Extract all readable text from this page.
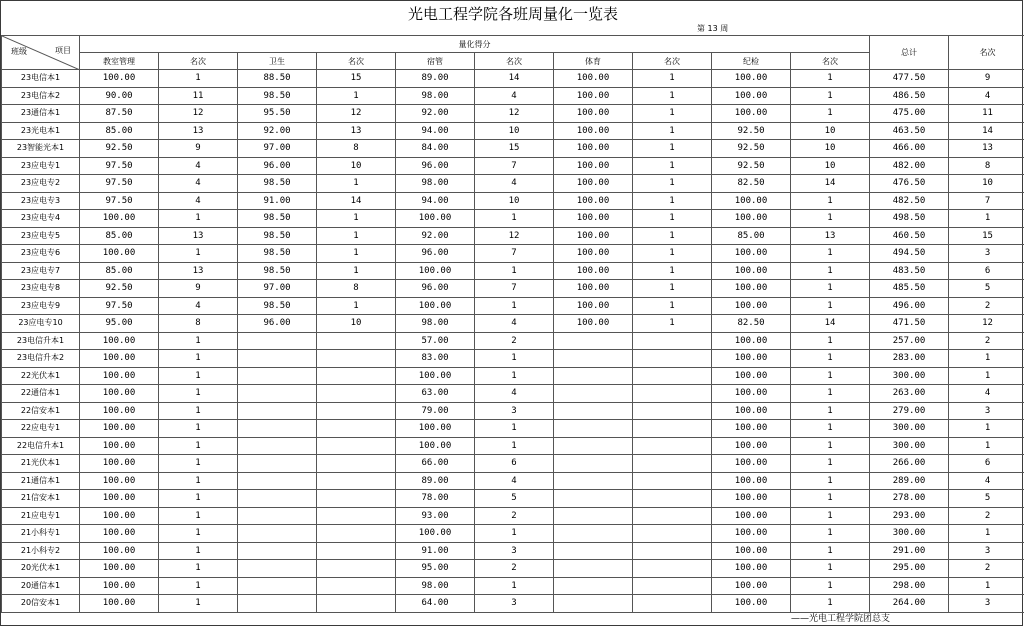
光电工程学院各班周量化一览表
第 13 周
项目
班级	量化得分										总计	名次
	教室管理	名次	卫生	名次	宿管	名次	体育	名次	纪检	名次		
23电信本1	100.00	1	88.50	15	89.00	14	100.00	1	100.00	1	477.50	9
23电信本2	90.00	11	98.50	1	98.00	4	100.00	1	100.00	1	486.50	4
23通信本1	87.50	12	95.50	12	92.00	12	100.00	1	100.00	1	475.00	11
23光电本1	85.00	13	92.00	13	94.00	10	100.00	1	92.50	10	463.50	14
23智能光本1	92.50	9	97.00	8	84.00	15	100.00	1	92.50	10	466.00	13
23应电专1	97.50	4	96.00	10	96.00	7	100.00	1	92.50	10	482.00	8
23应电专2	97.50	4	98.50	1	98.00	4	100.00	1	82.50	14	476.50	10
23应电专3	97.50	4	91.00	14	94.00	10	100.00	1	100.00	1	482.50	7
23应电专4	100.00	1	98.50	1	100.00	1	100.00	1	100.00	1	498.50	1
23应电专5	85.00	13	98.50	1	92.00	12	100.00	1	85.00	13	460.50	15
23应电专6	100.00	1	98.50	1	96.00	7	100.00	1	100.00	1	494.50	3
23应电专7	85.00	13	98.50	1	100.00	1	100.00	1	100.00	1	483.50	6
23应电专8	92.50	9	97.00	8	96.00	7	100.00	1	100.00	1	485.50	5
23应电专9	97.50	4	98.50	1	100.00	1	100.00	1	100.00	1	496.00	2
23应电专10	95.00	8	96.00	10	98.00	4	100.00	1	82.50	14	471.50	12
23电信升本1	100.00	1			57.00	2			100.00	1	257.00	2
23电信升本2	100.00	1			83.00	1			100.00	1	283.00	1
22光伏本1	100.00	1			100.00	1			100.00	1	300.00	1
22通信本1	100.00	1			63.00	4			100.00	1	263.00	4
22信安本1	100.00	1			79.00	3			100.00	1	279.00	3
22应电专1	100.00	1			100.00	1			100.00	1	300.00	1
22电信升本1	100.00	1			100.00	1			100.00	1	300.00	1
21光伏本1	100.00	1			66.00	6			100.00	1	266.00	6
21通信本1	100.00	1			89.00	4			100.00	1	289.00	4
21信安本1	100.00	1			78.00	5			100.00	1	278.00	5
21应电专1	100.00	1			93.00	2			100.00	1	293.00	2
21小科专1	100.00	1			100.00	1			100.00	1	300.00	1
21小科专2	100.00	1			91.00	3			100.00	1	291.00	3
20光伏本1	100.00	1			95.00	2			100.00	1	295.00	2
20通信本1	100.00	1			98.00	1			100.00	1	298.00	1
20信安本1	100.00	1			64.00	3			100.00	1	264.00	3
——光电工程学院团总支
